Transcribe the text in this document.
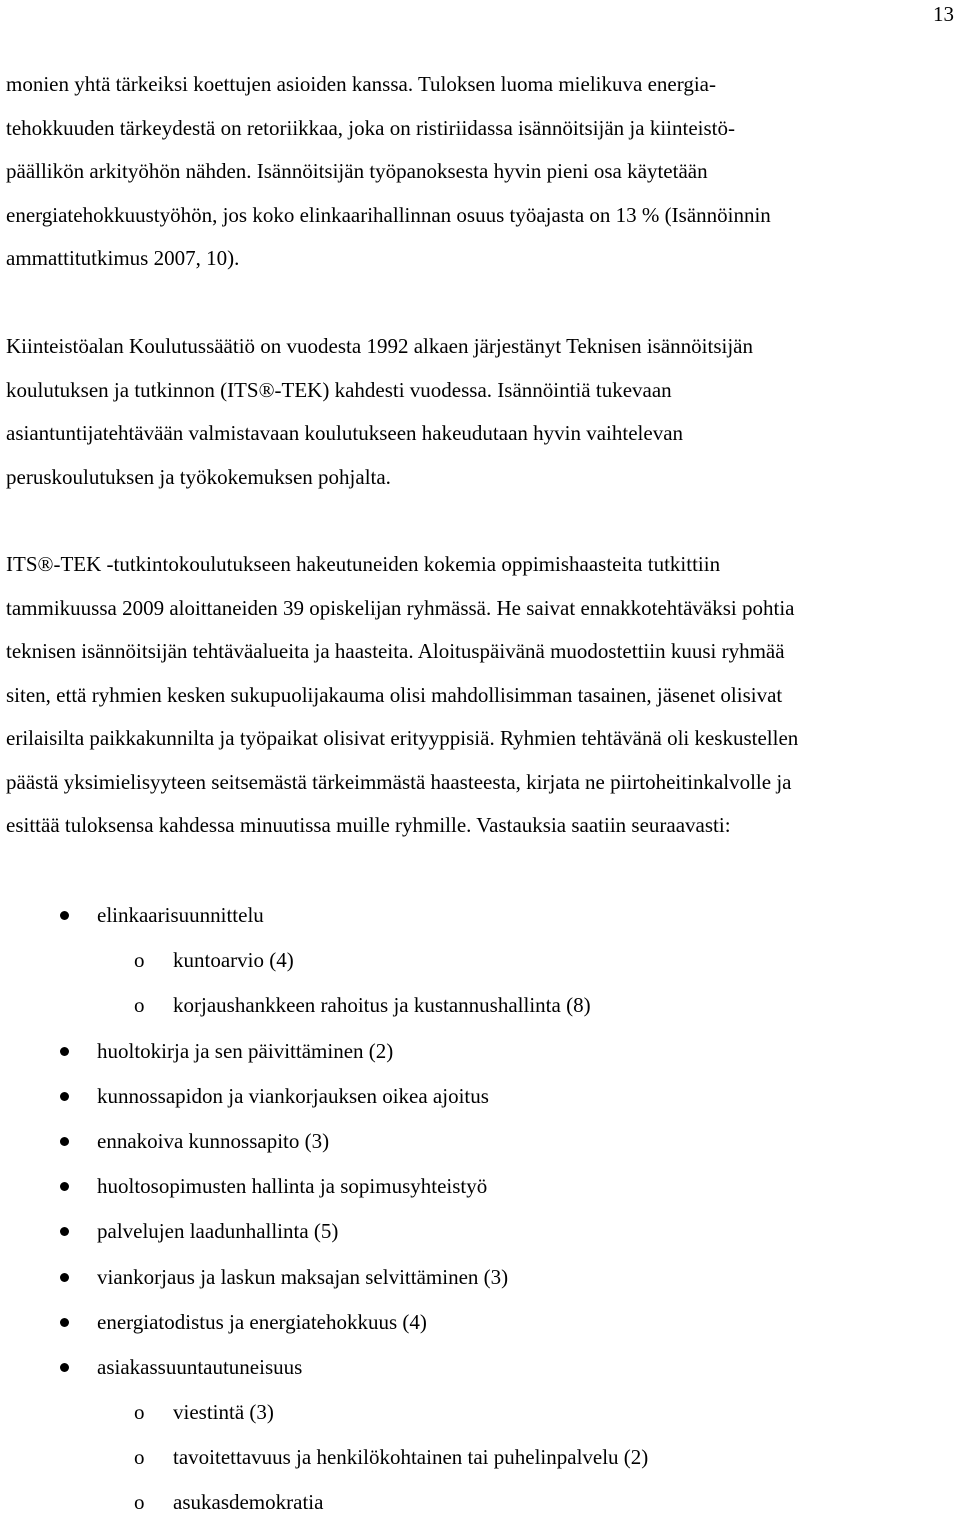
13

monien yhtä tärkeiksi koettujen asioiden kanssa. Tuloksen luoma mielikuva energia-
tehokkuuden tärkeydestä on retoriikkaa, joka on ristiriidassa isännöitsijän ja kiinteistö-
päällikön arkityöhön nähden. Isännöitsijän työpanoksesta hyvin pieni osa käytetään
energiatehokkuustyöhön, jos koko elinkaarihallinnan osuus työajasta on 13 % (Isännöinnin
ammattitutkimus 2007, 10).

Kiinteistöalan Koulutussäätiö on vuodesta 1992 alkaen järjestänyt Teknisen isännöitsijän
koulutuksen ja tutkinnon (ITS®-TEK) kahdesti vuodessa. Isännöintiä tukevaan
asiantuntijatehtävään valmistavaan koulutukseen hakeudutaan hyvin vaihtelevan
peruskoulutuksen ja työkokemuksen pohjalta.

ITS®-TEK -tutkintokoulutukseen hakeutuneiden kokemia oppimishaasteita tutkittiin
tammikuussa 2009 aloittaneiden 39 opiskelijan ryhmässä. He saivat ennakkotehtäväksi pohtia
teknisen isännöitsijän tehtäväalueita ja haasteita. Aloituspäivänä muodostettiin kuusi ryhmää
siten, että ryhmien kesken sukupuolijakauma olisi mahdollisimman tasainen, jäsenet olisivat
erilaisilta paikkakunnilta ja työpaikat olisivat erityyppisiä. Ryhmien tehtävänä oli keskustellen
päästä yksimielisyyteen seitsemästä tärkeimmästä haasteesta, kirjata ne piirtoheitinkalvolle ja
esittää tuloksensa kahdessa minuutissa muille ryhmille. Vastauksia saatiin seuraavasti:

elinkaarisuunnittelu
o kuntoarvio (4)
o korjaushankkeen rahoitus ja kustannushallinta (8)
huoltokirja ja sen päivittäminen (2)
kunnossapidon ja viankorjauksen oikea ajoitus
ennakoiva kunnossapito (3)
huoltosopimusten hallinta ja sopimusyhteistyö
palvelujen laadunhallinta (5)
viankorjaus ja laskun maksajan selvittäminen (3)
energiatodistus ja energiatehokkuus (4)
asiakassuuntautuneisuus
o viestintä (3)
o tavoitettavuus ja henkilökohtainen tai puhelinpalvelu (2)
o asukasdemokratia
